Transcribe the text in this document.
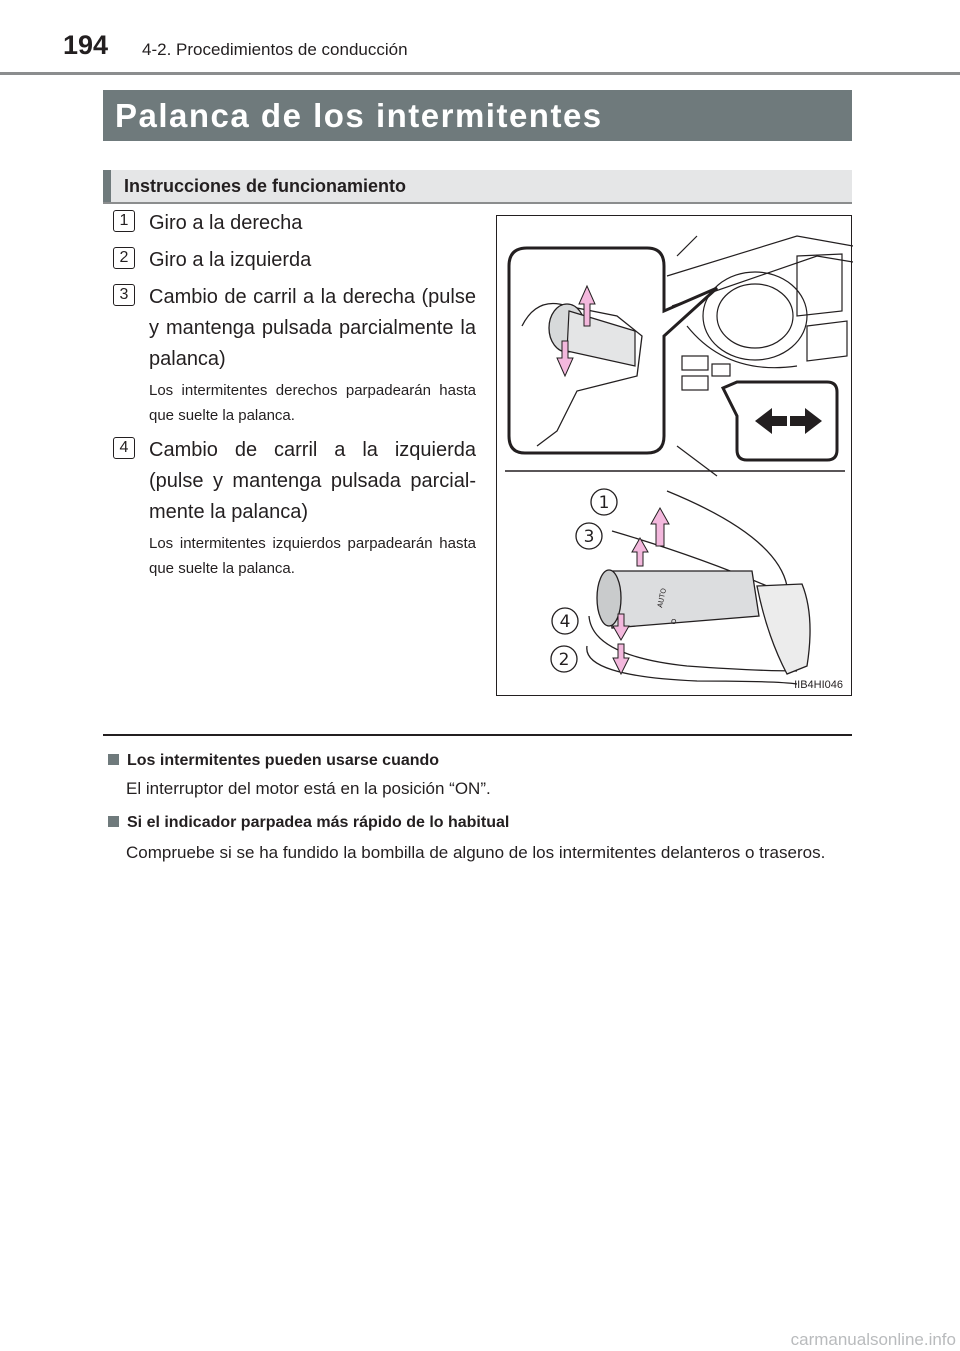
194 4-2. Procedimientos de conducción
Palanca de los intermitentes
Instrucciones de funcionamiento
1	Giro a la derecha
2	Giro a la izquierda
3	Cambio de carril a la derecha (pulse y mantenga pulsada parcialmente la palanca)
Los intermitentes derechos parpadearán hasta que suelte la palanca.
4	Cambio de carril a la izquierda (pulse y mantenga pulsada parcialmente la palanca)
Los intermitentes izquierdos parpadearán hasta que suelte la palanca.
1
3
4
2
AUTO
O
IIB4HI046
Los intermitentes pueden usarse cuando
El interruptor del motor está en la posición “ON”.
Si el indicador parpadea más rápido de lo habitual
Compruebe si se ha fundido la bombilla de alguno de los intermitentes delanteros o traseros.
carmanualsonline.info
